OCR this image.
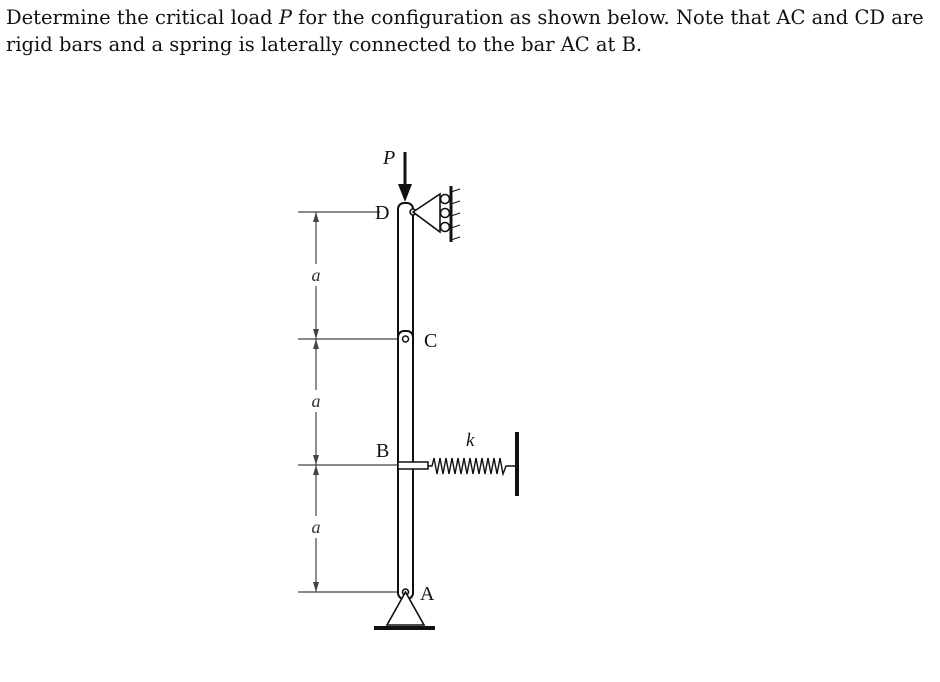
Determine the critical load P for the configuration as shown below. Note that AC and CD are

rigid bars and a spring is laterally connected to the bar AC at B.

a
a
a
P
k
D
C
B
A
